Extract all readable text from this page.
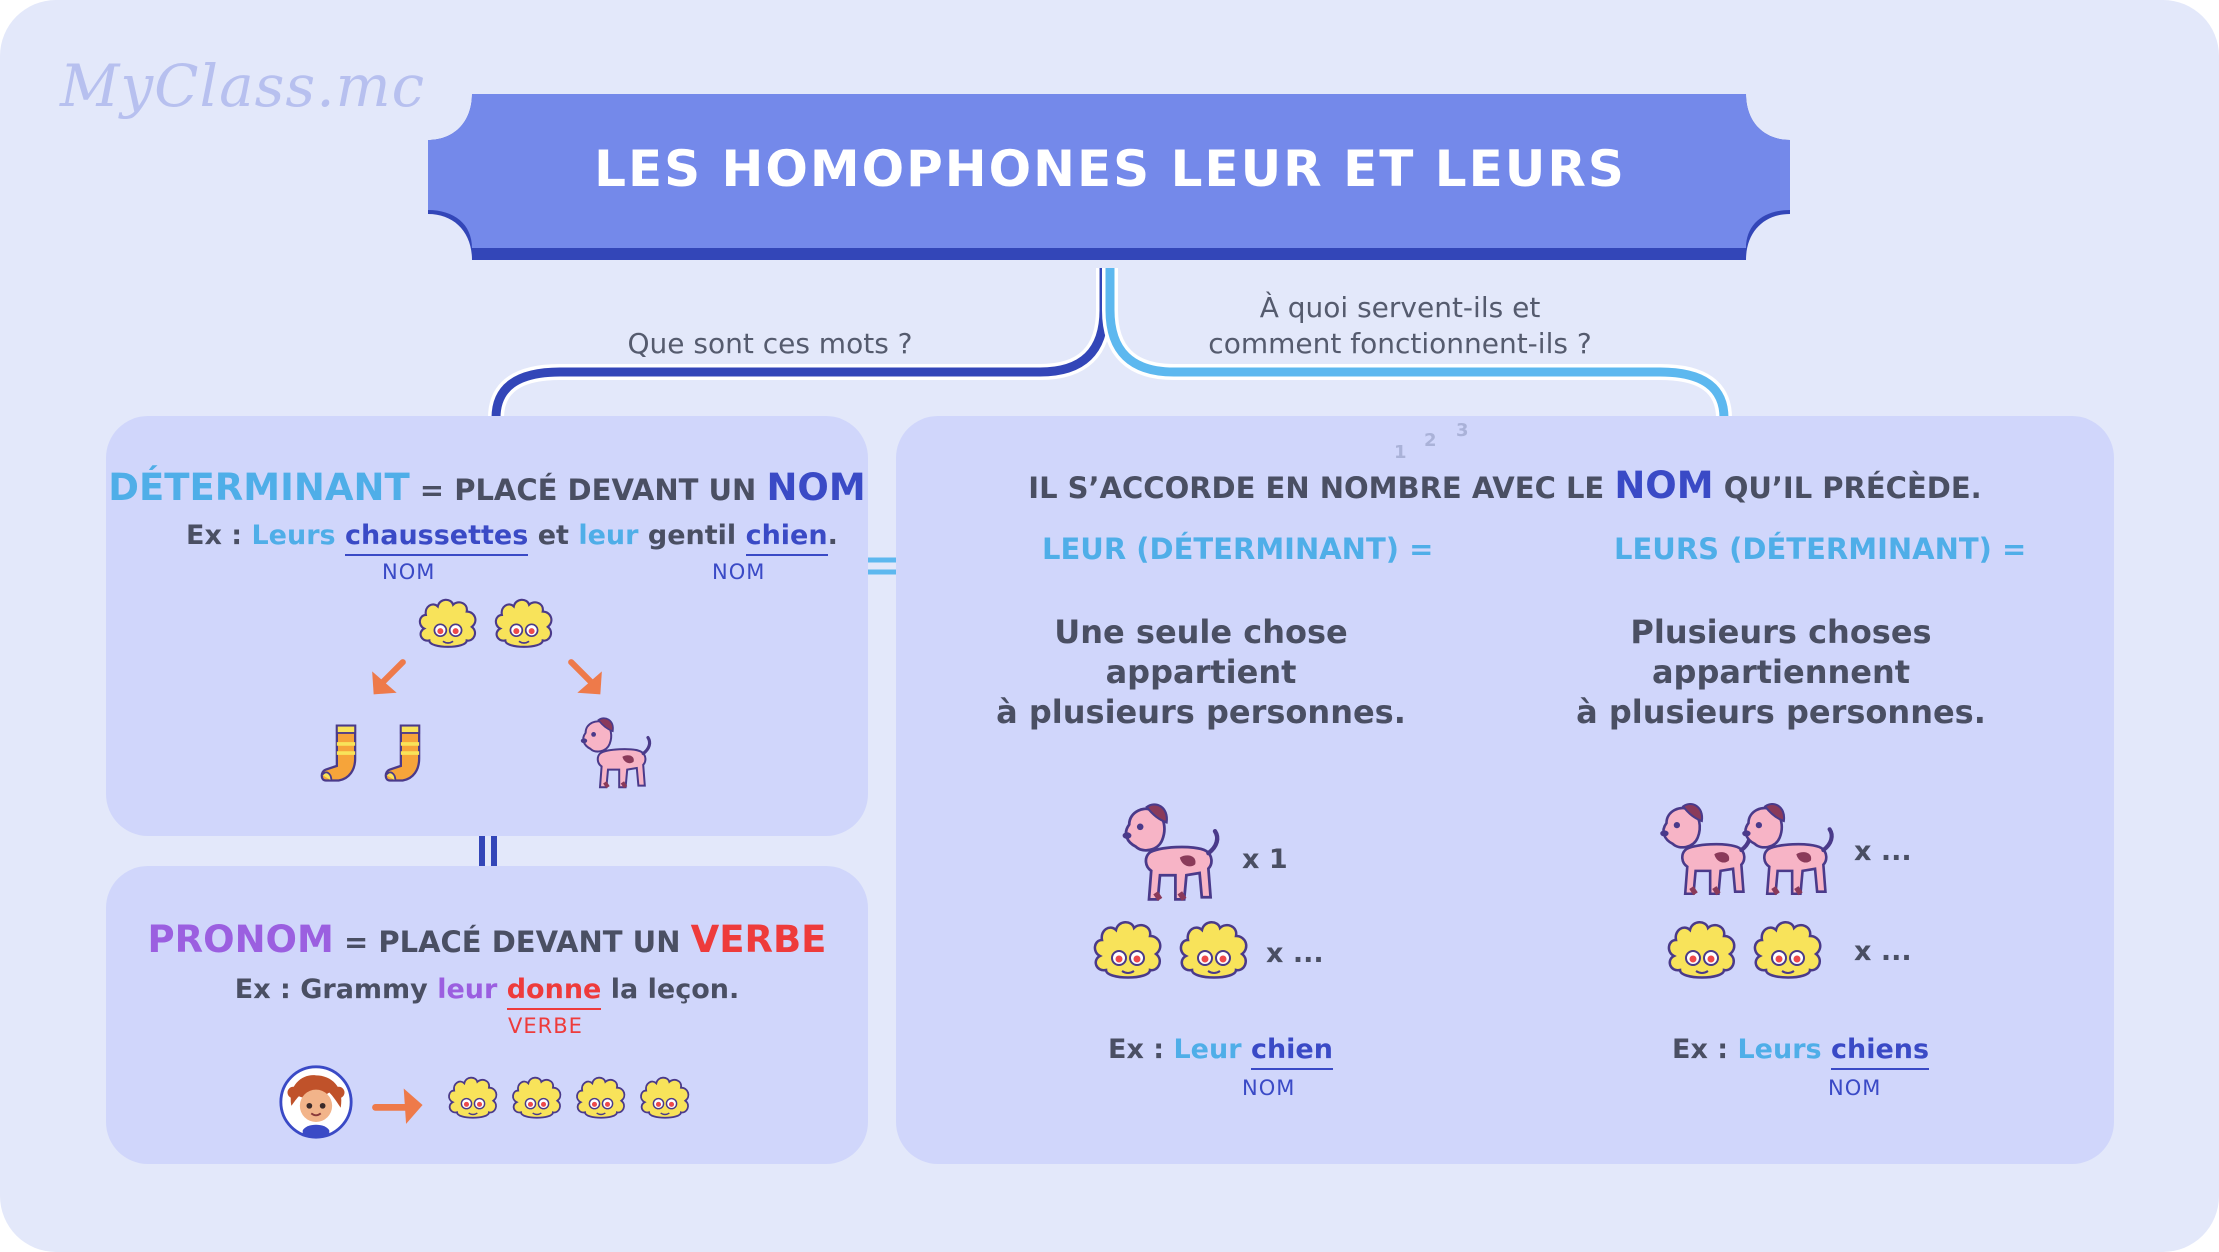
MyClass.mc
LES HOMOPHONES LEUR ET LEURS
Que sont ces mots ?
À quoi servent-ils et
comment fonctionnent-ils ?
DÉTERMINANT = PLACÉ DEVANT UN NOM
Ex : Leurs chaussettes et leur gentil chien.
NOM	NOM
PRONOM = PLACÉ DEVANT UN VERBE
Ex : Grammy leur donne la leçon.
VERBE
1
2 3
IL S’ACCORDE EN NOMBRE AVEC LE NOM QU’IL PRÉCÈDE.
LEUR (DÉTERMINANT) =
Une seule chose
appartient
à plusieurs personnes.
x 1
x ...
Ex : Leur chien
NOM
LEURS (DÉTERMINANT) =
Plusieurs choses
appartiennent
à plusieurs personnes.
x ...
x ...
Ex : Leurs chiens
NOM
